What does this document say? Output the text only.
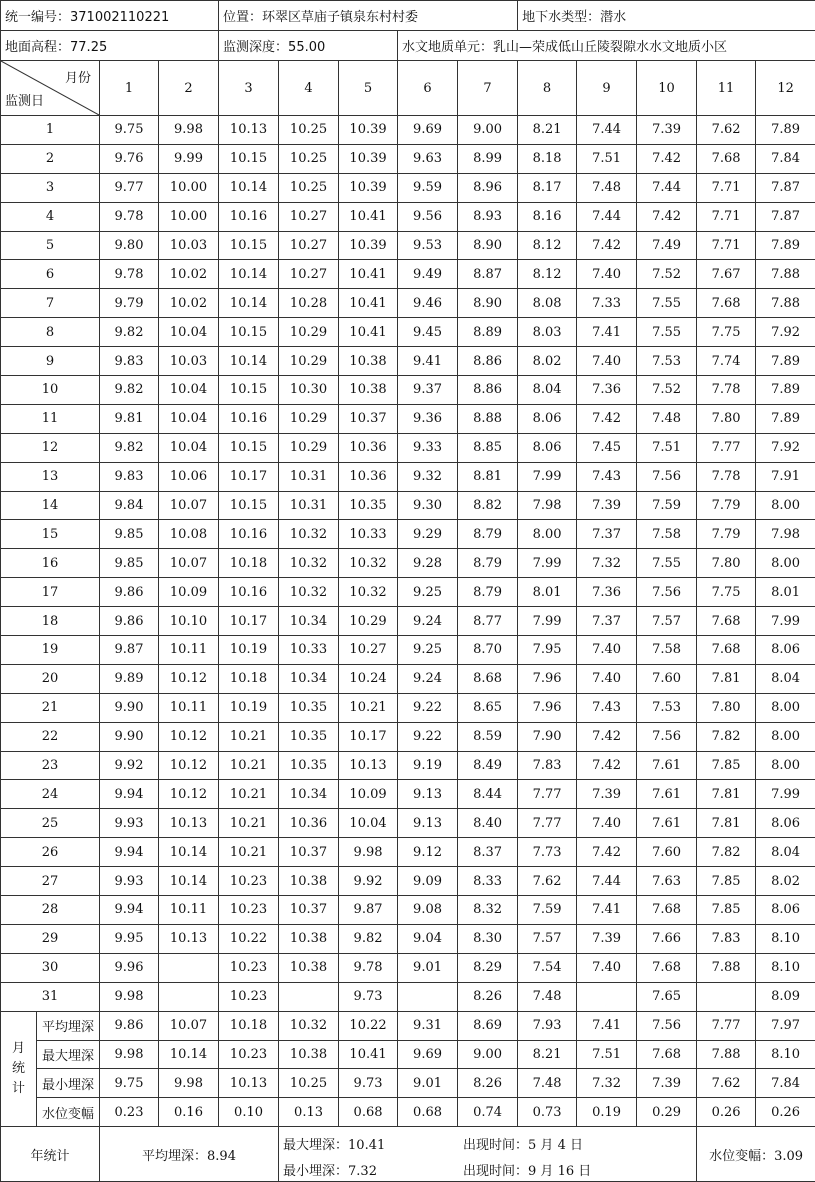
统一编号：371002110221				位置：环翠区草庙子镇泉东村村委					地下水类型：潜水				
地面高程：77.25				监测深度：55.00			水文地质单元：乳山—荣成低山丘陵裂隙水水文地质小区						

月份
监测日		1	2	3	4	5	6	7	8	9	10	11	12
1		9.75	9.98	10.13	10.25	10.39	9.69	9.00	8.21	7.44	7.39	7.62	7.89
2		9.76	9.99	10.15	10.25	10.39	9.63	8.99	8.18	7.51	7.42	7.68	7.84
3		9.77	10.00	10.14	10.25	10.39	9.59	8.96	8.17	7.48	7.44	7.71	7.87
4		9.78	10.00	10.16	10.27	10.41	9.56	8.93	8.16	7.44	7.42	7.71	7.87
5		9.80	10.03	10.15	10.27	10.39	9.53	8.90	8.12	7.42	7.49	7.71	7.89
6		9.78	10.02	10.14	10.27	10.41	9.49	8.87	8.12	7.40	7.52	7.67	7.88
7		9.79	10.02	10.14	10.28	10.41	9.46	8.90	8.08	7.33	7.55	7.68	7.88
8		9.82	10.04	10.15	10.29	10.41	9.45	8.89	8.03	7.41	7.55	7.75	7.92
9		9.83	10.03	10.14	10.29	10.38	9.41	8.86	8.02	7.40	7.53	7.74	7.89
10		9.82	10.04	10.15	10.30	10.38	9.37	8.86	8.04	7.36	7.52	7.78	7.89
11		9.81	10.04	10.16	10.29	10.37	9.36	8.88	8.06	7.42	7.48	7.80	7.89
12		9.82	10.04	10.15	10.29	10.36	9.33	8.85	8.06	7.45	7.51	7.77	7.92
13		9.83	10.06	10.17	10.31	10.36	9.32	8.81	7.99	7.43	7.56	7.78	7.91
14		9.84	10.07	10.15	10.31	10.35	9.30	8.82	7.98	7.39	7.59	7.79	8.00
15		9.85	10.08	10.16	10.32	10.33	9.29	8.79	8.00	7.37	7.58	7.79	7.98
16		9.85	10.07	10.18	10.32	10.32	9.28	8.79	7.99	7.32	7.55	7.80	8.00
17		9.86	10.09	10.16	10.32	10.32	9.25	8.79	8.01	7.36	7.56	7.75	8.01
18		9.86	10.10	10.17	10.34	10.29	9.24	8.77	7.99	7.37	7.57	7.68	7.99
19		9.87	10.11	10.19	10.33	10.27	9.25	8.70	7.95	7.40	7.58	7.68	8.06
20		9.89	10.12	10.18	10.34	10.24	9.24	8.68	7.96	7.40	7.60	7.81	8.04
21		9.90	10.11	10.19	10.35	10.21	9.22	8.65	7.96	7.43	7.53	7.80	8.00
22		9.90	10.12	10.21	10.35	10.17	9.22	8.59	7.90	7.42	7.56	7.82	8.00
23		9.92	10.12	10.21	10.35	10.13	9.19	8.49	7.83	7.42	7.61	7.85	8.00
24		9.94	10.12	10.21	10.34	10.09	9.13	8.44	7.77	7.39	7.61	7.81	7.99
25		9.93	10.13	10.21	10.36	10.04	9.13	8.40	7.77	7.40	7.61	7.81	8.06
26		9.94	10.14	10.21	10.37	9.98	9.12	8.37	7.73	7.42	7.60	7.82	8.04
27		9.93	10.14	10.23	10.38	9.92	9.09	8.33	7.62	7.44	7.63	7.85	8.02
28		9.94	10.11	10.23	10.37	9.87	9.08	8.32	7.59	7.41	7.68	7.85	8.06
29		9.95	10.13	10.22	10.38	9.82	9.04	8.30	7.57	7.39	7.66	7.83	8.10
30		9.96		10.23	10.38	9.78	9.01	8.29	7.54	7.40	7.68	7.88	8.10
31		9.98		10.23		9.73		8.26	7.48		7.65		8.09
月统计	平均埋深	9.86	10.07	10.18	10.32	10.22	9.31	8.69	7.93	7.41	7.56	7.77	7.97
	最大埋深	9.98	10.14	10.23	10.38	10.41	9.69	9.00	8.21	7.51	7.68	7.88	8.10
	最小埋深	9.75	9.98	10.13	10.25	9.73	9.01	8.26	7.48	7.32	7.39	7.62	7.84
	水位变幅	0.23	0.16	0.10	0.13	0.68	0.68	0.74	0.73	0.19	0.29	0.26	0.26
年统计		平均埋深：8.94			最大埋深：10.41 出现时间：5 月 4 日
最小埋深：7.32 出现时间：9 月 16 日							水位变幅：3.09	
